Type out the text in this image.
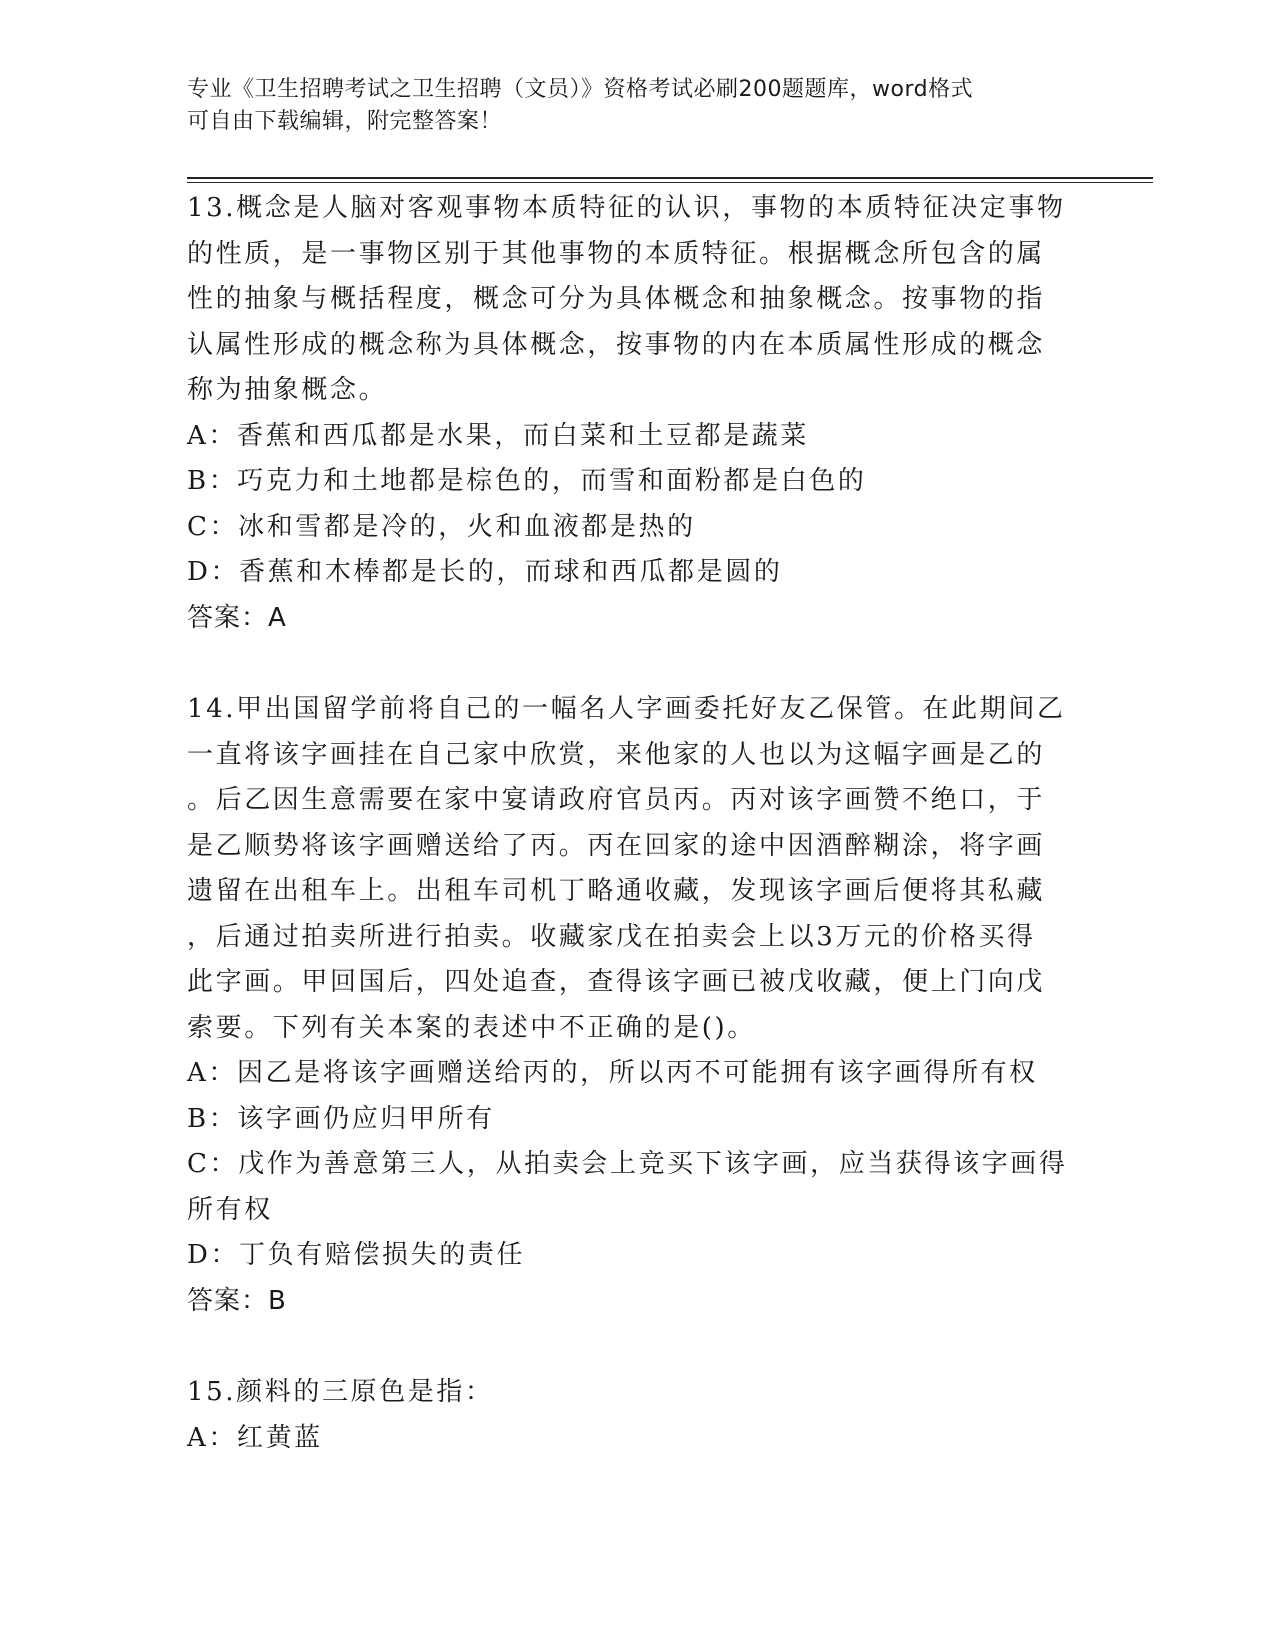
专业《卫生招聘考试之卫生招聘（文员）》资格考试必刷200题题库，word格式
可自由下载编辑，附完整答案！

13.概念是人脑对客观事物本质特征的认识，事物的本质特征决定事物

的性质，是一事物区别于其他事物的本质特征。根据概念所包含的属

性的抽象与概括程度，概念可分为具体概念和抽象概念。按事物的指

认属性形成的概念称为具体概念，按事物的内在本质属性形成的概念

称为抽象概念。

A：香蕉和西瓜都是水果，而白菜和土豆都是蔬菜

B：巧克力和土地都是棕色的，而雪和面粉都是白色的

C：冰和雪都是冷的，火和血液都是热的

D：香蕉和木棒都是长的，而球和西瓜都是圆的

答案：A

14.甲出国留学前将自己的一幅名人字画委托好友乙保管。在此期间乙

一直将该字画挂在自己家中欣赏，来他家的人也以为这幅字画是乙的

。后乙因生意需要在家中宴请政府官员丙。丙对该字画赞不绝口，于

是乙顺势将该字画赠送给了丙。丙在回家的途中因酒醉糊涂，将字画

遗留在出租车上。出租车司机丁略通收藏，发现该字画后便将其私藏

，后通过拍卖所进行拍卖。收藏家戊在拍卖会上以3万元的价格买得

此字画。甲回国后，四处追查，查得该字画已被戊收藏，便上门向戊

索要。下列有关本案的表述中不正确的是()。

A：因乙是将该字画赠送给丙的，所以丙不可能拥有该字画得所有权

B：该字画仍应归甲所有

C：戊作为善意第三人，从拍卖会上竞买下该字画，应当获得该字画得

所有权

D：丁负有赔偿损失的责任

答案：B

15.颜料的三原色是指：

A：红黄蓝
